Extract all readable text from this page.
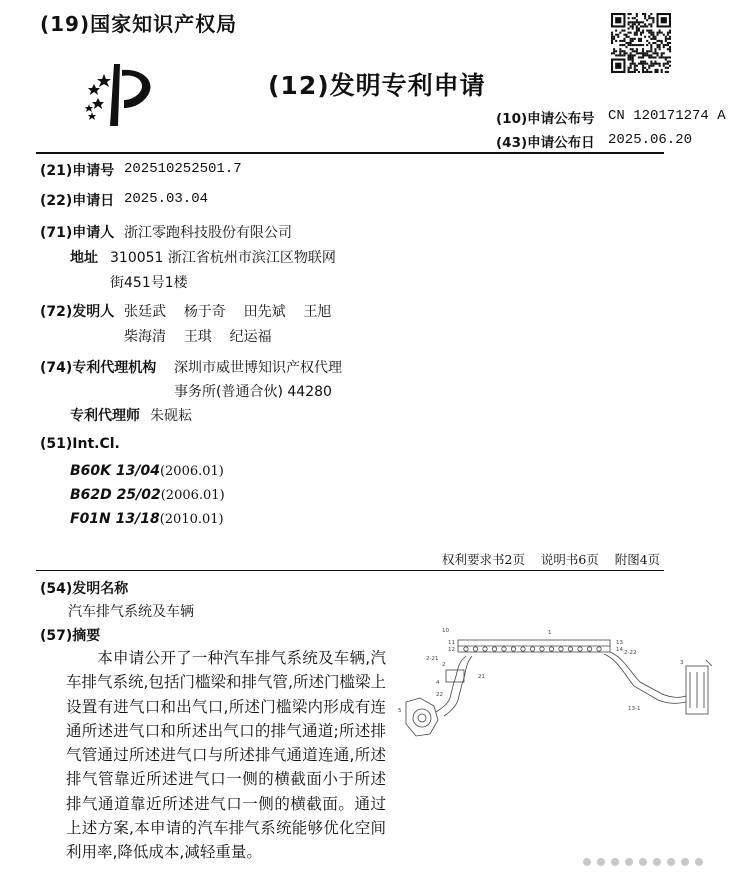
(19)国家知识产权局
(12)发明专利申请
(10)申请公布号 CN 120171274 A
(43)申请公布日 2025.06.20
(21)申请号 202510252501.7
(22)申请日 2025.03.04
(71)申请人 浙江零跑科技股份有限公司
地址 310051 浙江省杭州市滨江区物联网
街451号1楼
(72)发明人 张廷武 杨于奇 田先斌 王旭
柴海清 王琪 纪运福
(74)专利代理机构 深圳市威世博知识产权代理
事务所(普通合伙) 44280
专利代理师 朱砚耘
(51)Int.Cl.
B60K 13/04(2006.01)
B62D 25/02(2006.01)
F01N 13/18(2010.01)
权利要求书2页 说明书6页 附图4页
(54)发明名称
汽车排气系统及车辆
(57)摘要
本申请公开了一种汽车排气系统及车辆,汽车排气系统,包括门槛梁和排气管,所述门槛梁上设置有进气口和出气口,所述门槛梁内形成有连通所述进气口和所述出气口的排气通道;所述排气管通过所述进气口与所述排气通道连通,所述排气管靠近所述进气口一侧的横截面小于所述排气通道靠近所述进气口一侧的横截面。通过上述方案,本申请的汽车排气系统能够优化空间利用率,降低成本,减轻重量。
10	1
11
12
13
14
2	3
4
5
21
22
2-22
2-21
13-1
